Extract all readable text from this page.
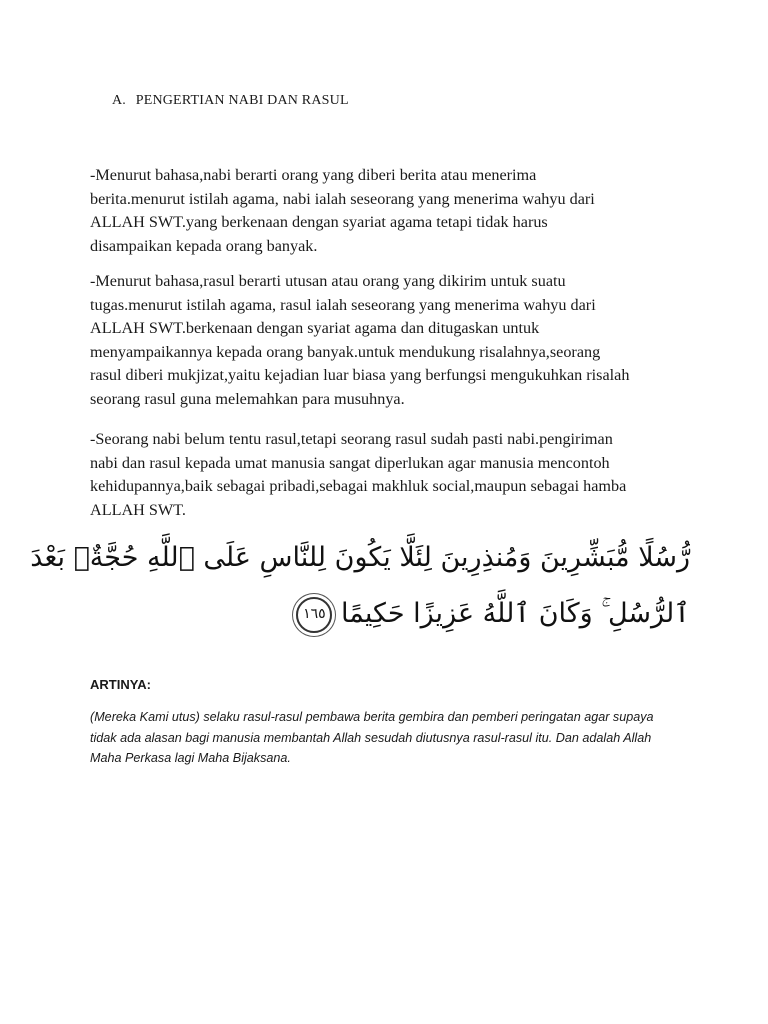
A. PENGERTIAN NABI DAN RASUL

-Menurut bahasa,nabi berarti orang yang diberi berita atau menerima
berita.menurut istilah agama, nabi ialah seseorang yang menerima wahyu dari
ALLAH SWT.yang berkenaan dengan syariat agama tetapi tidak harus
disampaikan kepada orang banyak.

-Menurut bahasa,rasul berarti utusan atau orang yang dikirim untuk suatu
tugas.menurut istilah agama, rasul ialah seseorang yang menerima wahyu dari
ALLAH SWT.berkenaan dengan syariat agama dan ditugaskan untuk
menyampaikannya kepada orang banyak.untuk mendukung risalahnya,seorang
rasul diberi mukjizat,yaitu kejadian luar biasa yang berfungsi mengukuhkan risalah
seorang rasul guna melemahkan para musuhnya.

-Seorang nabi belum tentu rasul,tetapi seorang rasul sudah pasti nabi.pengiriman
nabi dan rasul kepada umat manusia sangat diperlukan agar manusia mencontoh
kehidupannya,baik sebagai pribadi,sebagai makhluk social,maupun sebagai hamba
ALLAH SWT.

رُّسُلًا مُّبَشِّرِينَ وَمُنذِرِينَ لِئَلَّا يَكُونَ لِلنَّاسِ عَلَى ٱللَّهِ حُجَّةٌۢ بَعْدَ
ٱلرُّسُلِ ۚ وَكَانَ ٱللَّهُ عَزِيزًا حَكِيمًا ١٦٥
ARTINYA:
(Mereka Kami utus) selaku rasul-rasul pembawa berita gembira dan pemberi peringatan agar supaya
tidak ada alasan bagi manusia membantah Allah sesudah diutusnya rasul-rasul itu. Dan adalah Allah
Maha Perkasa lagi Maha Bijaksana.
